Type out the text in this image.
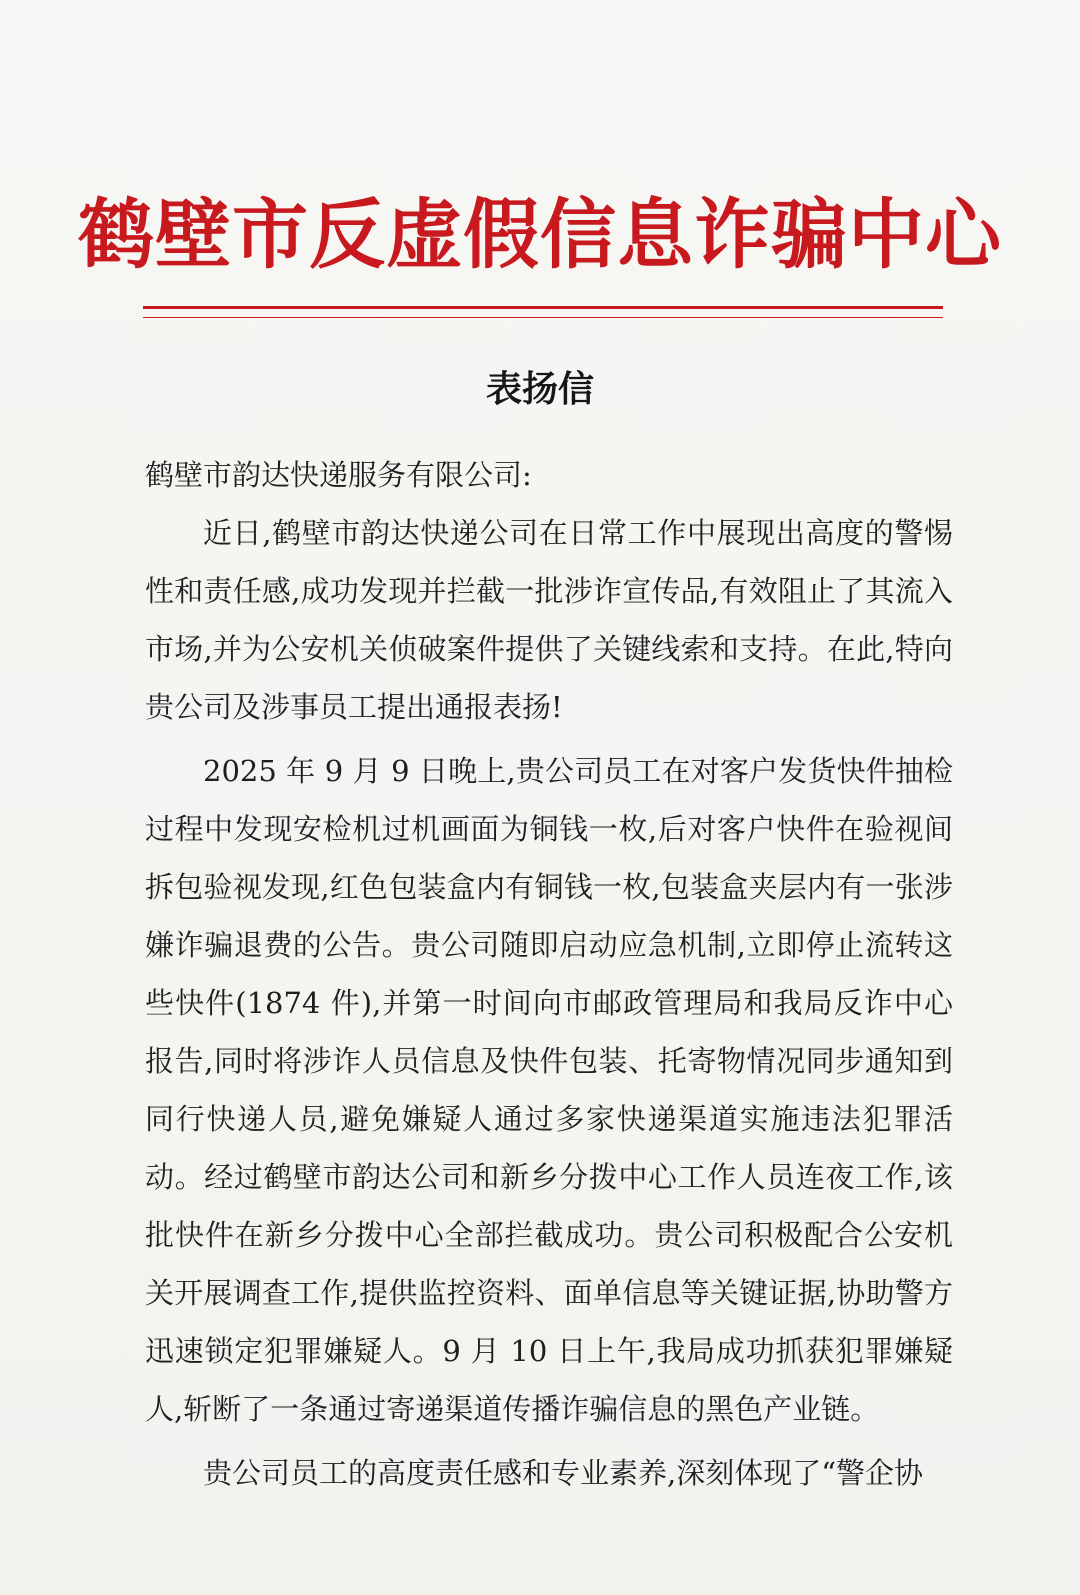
鹤壁市反虚假信息诈骗中心
表扬信

鹤壁市韵达快递服务有限公司:

近日,鹤壁市韵达快递公司在日常工作中展现出高度的警惕性和责任感,成功发现并拦截一批涉诈宣传品,有效阻止了其流入市场,并为公安机关侦破案件提供了关键线索和支持。在此,特向贵公司及涉事员工提出通报表扬!

2025 年 9 月 9 日晚上,贵公司员工在对客户发货快件抽检过程中发现安检机过机画面为铜钱一枚,后对客户快件在验视间拆包验视发现,红色包装盒内有铜钱一枚,包装盒夹层内有一张涉嫌诈骗退费的公告。贵公司随即启动应急机制,立即停止流转这些快件(1874 件),并第一时间向市邮政管理局和我局反诈中心报告,同时将涉诈人员信息及快件包装、托寄物情况同步通知到同行快递人员,避免嫌疑人通过多家快递渠道实施违法犯罪活动。经过鹤壁市韵达公司和新乡分拨中心工作人员连夜工作,该批快件在新乡分拨中心全部拦截成功。贵公司积极配合公安机关开展调查工作,提供监控资料、面单信息等关键证据,协助警方迅速锁定犯罪嫌疑人。9 月 10 日上午,我局成功抓获犯罪嫌疑人,斩断了一条通过寄递渠道传播诈骗信息的黑色产业链。

贵公司员工的高度责任感和专业素养,深刻体现了“警企协
